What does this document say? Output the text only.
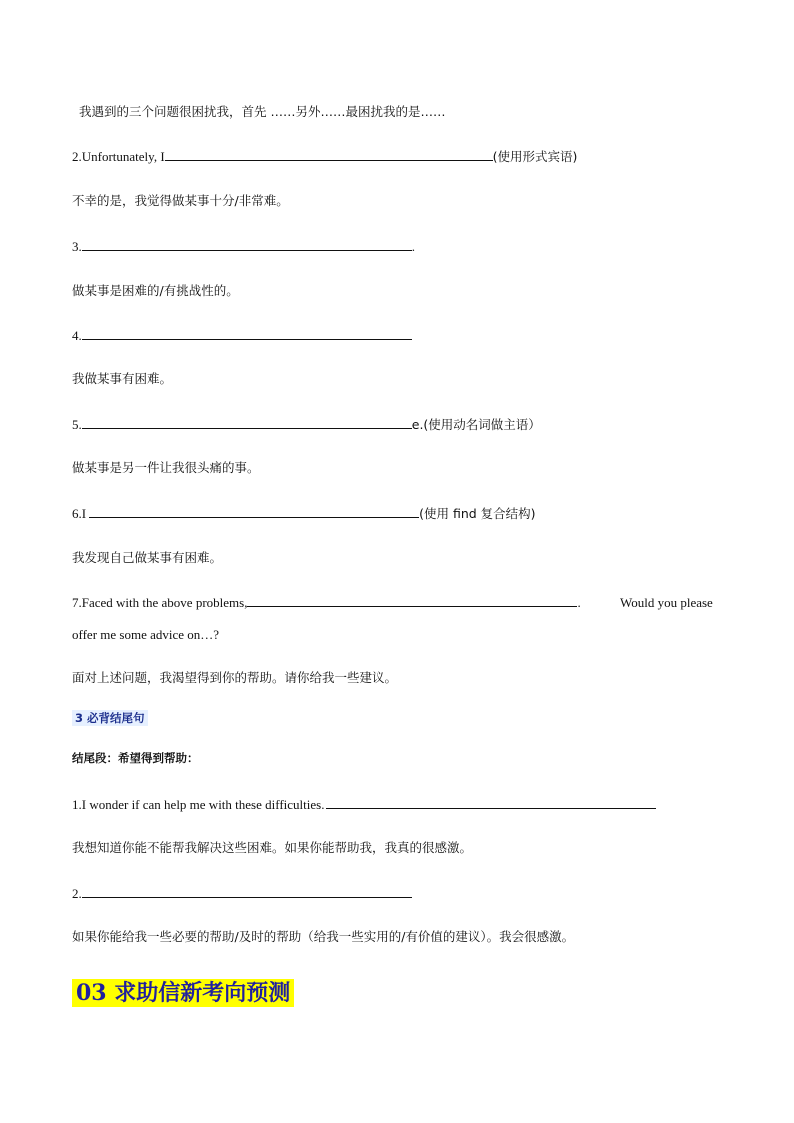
我遇到的三个问题很困扰我，首先 ……另外……最困扰我的是……
2.Unfortunately, I	(使用形式宾语)
不幸的是，我觉得做某事十分/非常难。
3.	.
做某事是困难的/有挑战性的。
4.
我做某事有困难。
5.	e.(使用动名词做主语）
做某事是另一件让我很头痛的事。
6.I	(使用 find 复合结构)
我发现自己做某事有困难。
7.Faced with the above problems,	.	Would you please
offer me some advice on…?
面对上述问题，我渴望得到你的帮助。请你给我一些建议。
3 必背结尾句
结尾段：希望得到帮助：
1.I wonder if can help me with these difficulties.
我想知道你能不能帮我解决这些困难。如果你能帮助我，我真的很感激。
2.
如果你能给我一些必要的帮助/及时的帮助（给我一些实用的/有价值的建议）。我会很感激。
03 求助信新考向预测
